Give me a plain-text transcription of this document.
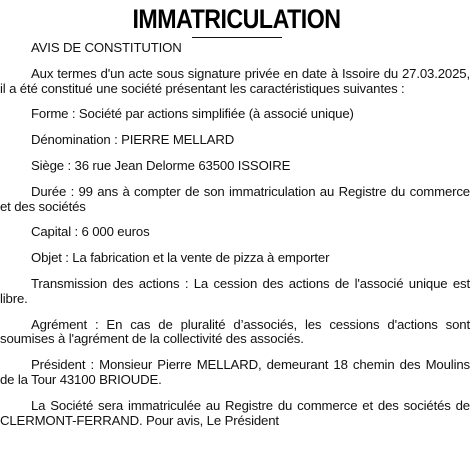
IMMATRICULATION

AVIS DE CONSTITUTION

Aux termes d'un acte sous signature privée en date à Issoire du 27.03.2025, il a été constitué une société présentant les caractéristiques suivantes :

Forme : Société par actions simplifiée (à associé unique)

Dénomination : PIERRE MELLARD

Siège : 36 rue Jean Delorme 63500 ISSOIRE

Durée : 99 ans à compter de son immatriculation au Registre du commerce et des sociétés

Capital : 6 000 euros

Objet : La fabrication et la vente de pizza à emporter

Transmission des actions : La cession des actions de l'associé unique est libre.

Agrément : En cas de pluralité d’associés, les cessions d'actions sont soumises à l'agrément de la collectivité des associés.

Président : Monsieur Pierre MELLARD, demeurant 18 chemin des Moulins de la Tour 43100 BRIOUDE.

La Société sera immatriculée au Registre du commerce et des sociétés de CLERMONT-FERRAND. Pour avis, Le Président
